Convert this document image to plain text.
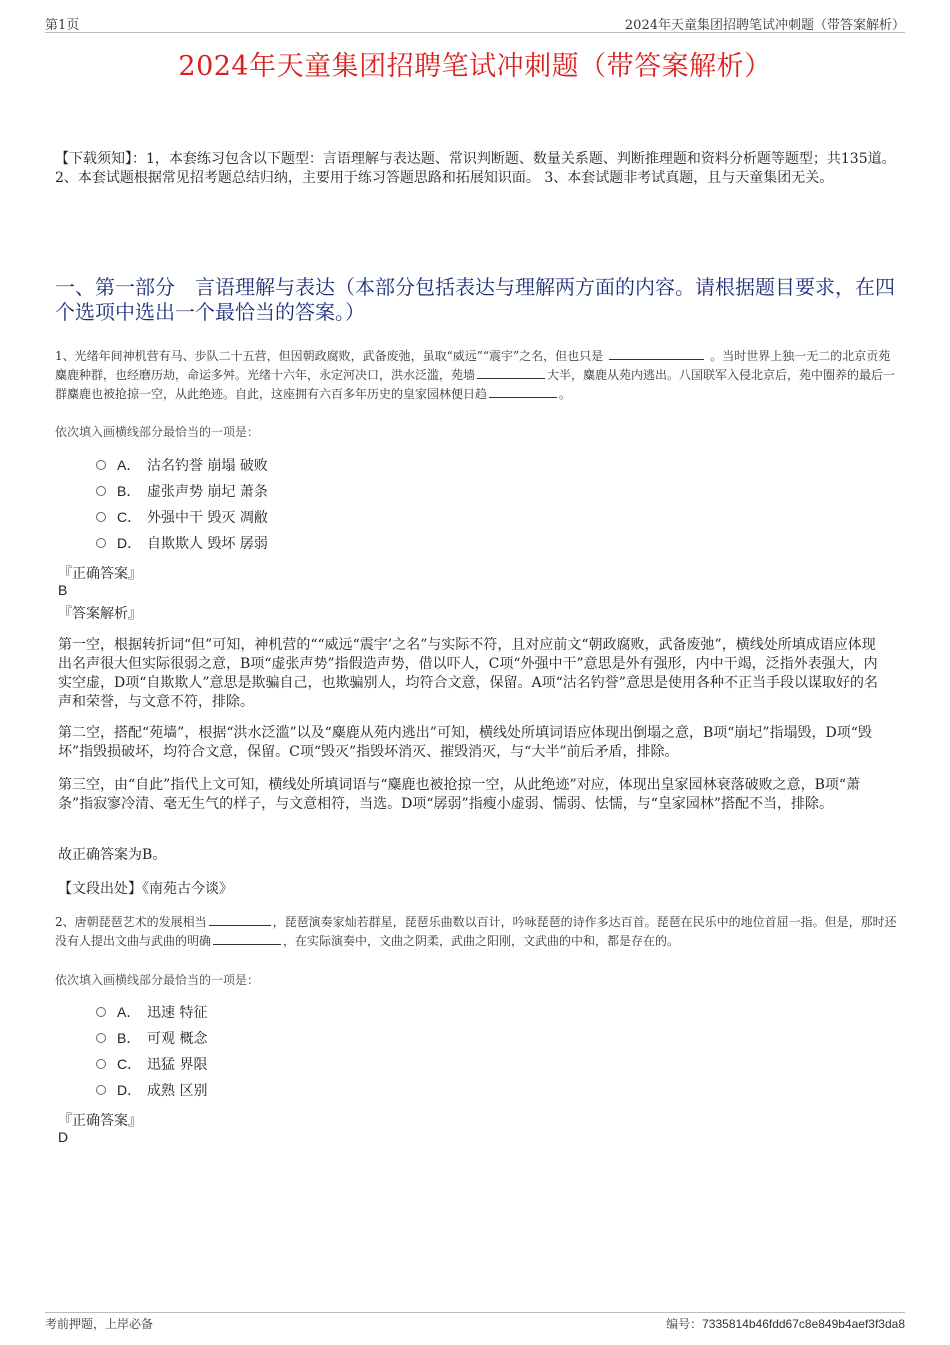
第1页	2024年天童集团招聘笔试冲刺题（带答案解析）
2024年天童集团招聘笔试冲刺题（带答案解析）
【下载须知】：1，本套练习包含以下题型：言语理解与表达题、常识判断题、数量关系题、判断推理题和资料分析题等题型；共135道。 2、本套试题根据常见招考题总结归纳，主要用于练习答题思路和拓展知识面。 3、本套试题非考试真题，且与天童集团无关。
一、第一部分　言语理解与表达（本部分包括表达与理解两方面的内容。请根据题目要求，在四个选项中选出一个最恰当的答案。）
1、光绪年间神机营有马、步队二十五营，但因朝政腐败，武备废弛，虽取“威远”“震宇”之名，但也只是	。当时世界上独一无二的北京贡苑麋鹿种群，也经磨历劫，命运多舛。光绪十六年，永定河决口，洪水泛滥，苑墙	大半，麋鹿从苑内逃出。八国联军入侵北京后，苑中圈养的最后一群麋鹿也被抢掠一空，从此绝迹。自此，这座拥有六百多年历史的皇家园林便日趋	。
依次填入画横线部分最恰当的一项是：
A． 沽名钓誉 崩塌 破败
B． 虚张声势 崩圮 萧条
C． 外强中干 毁灭 凋敝
D． 自欺欺人 毁坏 孱弱
『正确答案』
B
『答案解析』
第一空，根据转折词“但”可知，神机营的““威远“震宇’之名”与实际不符，且对应前文“朝政腐败，武备废弛”，横线处所填成语应体现出名声很大但实际很弱之意，B项“虚张声势”指假造声势，借以吓人，C项“外强中干”意思是外有强形，内中干竭，泛指外表强大，内实空虚，D项“自欺欺人”意思是欺骗自己，也欺骗别人，均符合文意，保留。A项“沽名钓誉”意思是使用各种不正当手段以谋取好的名声和荣誉，与文意不符，排除。
第二空，搭配“苑墙”，根据“洪水泛滥”以及“麋鹿从苑内逃出”可知，横线处所填词语应体现出倒塌之意，B项“崩圮”指塌毁，D项“毁坏”指毁损破坏，均符合文意，保留。C项“毁灭”指毁坏消灭、摧毁消灭，与“大半”前后矛盾，排除。
第三空，由“自此”指代上文可知，横线处所填词语与“麋鹿也被抢掠一空，从此绝迹”对应，体现出皇家园林衰落破败之意，B项“萧条”指寂寥冷清、毫无生气的样子，与文意相符，当选。D项“孱弱”指瘦小虚弱、懦弱、怯懦，与“皇家园林”搭配不当，排除。
故正确答案为B。
【文段出处】《南苑古今谈》
2、唐朝琵琶艺术的发展相当	，琵琶演奏家灿若群星，琵琶乐曲数以百计，吟咏琵琶的诗作多达百首。琵琶在民乐中的地位首屈一指。但是，那时还没有人提出文曲与武曲的明确	，在实际演奏中，文曲之阴柔，武曲之阳刚，文武曲的中和，都是存在的。
依次填入画横线部分最恰当的一项是：
A． 迅速 特征
B． 可观 概念
C． 迅猛 界限
D． 成熟 区别
『正确答案』
D
考前押题，上岸必备	编号：7335814b46fdd67c8e849b4aef3f3da8
